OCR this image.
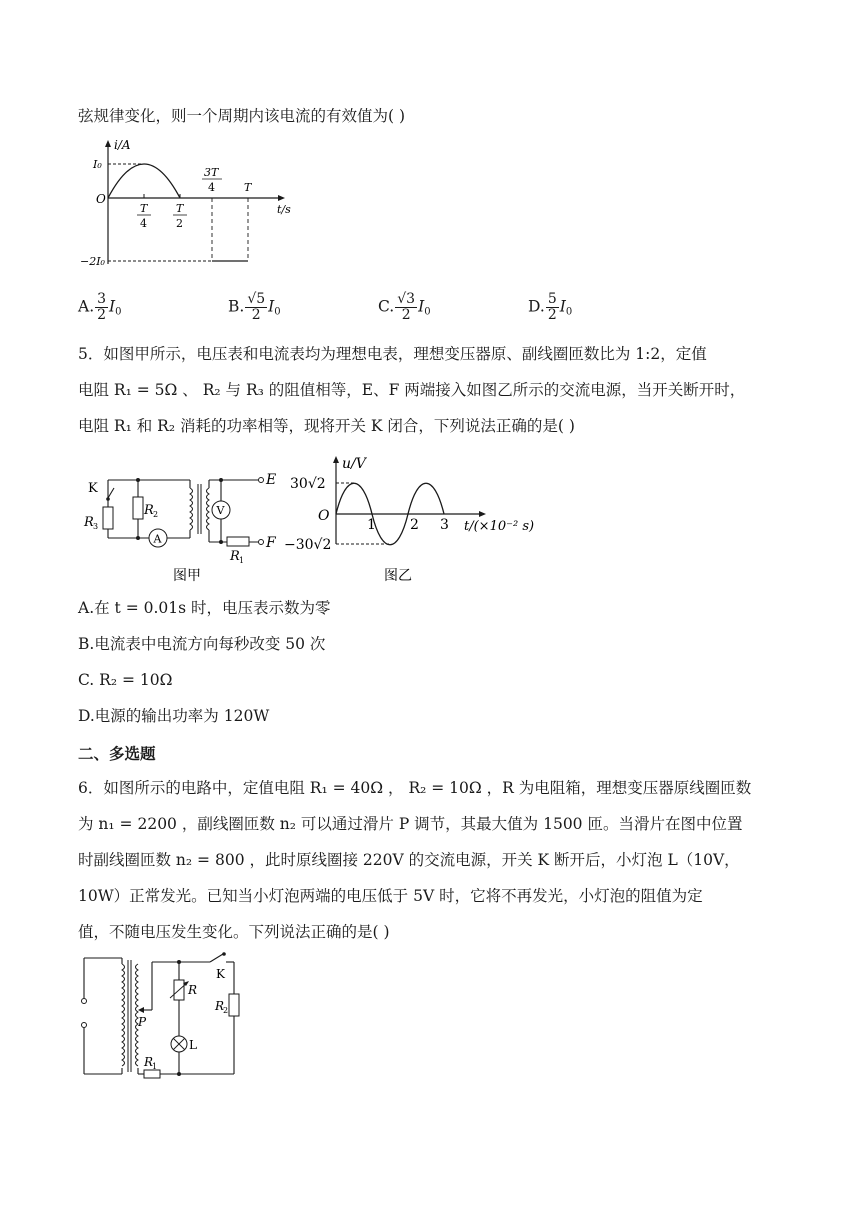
弦规律变化，则一个周期内该电流的有效值为( )
i/A
t/s
O
I₀
−2I₀
T
4
T
2
3T
4	T
A. $\frac{3}{2} I_0$	B. $\frac{√5}{2} I_0$	C. $\frac{√3}{2} I_0$	D. $\frac{5}{2} I_0$
5．如图甲所示，电压表和电流表均为理想电表，理想变压器原、副线圈匝数比为 1:2，定值
电阻 R₁ = 5Ω 、 R₂ 与 R₃ 的阻值相等，E、F 两端接入如图乙所示的交流电源，当开关断开时，
电阻 R₁ 和 R₂ 消耗的功率相等，现将开关 K 闭合，下列说法正确的是( )
A
V
K
R 3
R 2
R 1
E
F
图甲
u/V
t/(×10⁻² s)
O
30√2
−30√2
1 2 3
图乙
A.在 t = 0.01s 时，电压表示数为零
B.电流表中电流方向每秒改变 50 次
C. R₂ = 10Ω
D.电源的输出功率为 120W
二、多选题
6．如图所示的电路中，定值电阻 R₁ = 40Ω ， R₂ = 10Ω ，R 为电阻箱，理想变压器原线圈匝数
为 n₁ = 2200 ，副线圈匝数 n₂ 可以通过滑片 P 调节，其最大值为 1500 匝。当滑片在图中位置
时副线圈匝数 n₂ = 800 ，此时原线圈接 220V 的交流电源，开关 K 断开后，小灯泡 L（10V，
10W）正常发光。已知当小灯泡两端的电压低于 5V 时，它将不再发光，小灯泡的阻值为定
值，不随电压发生变化。下列说法正确的是( )
K
R
R
2
P
L
R
1
